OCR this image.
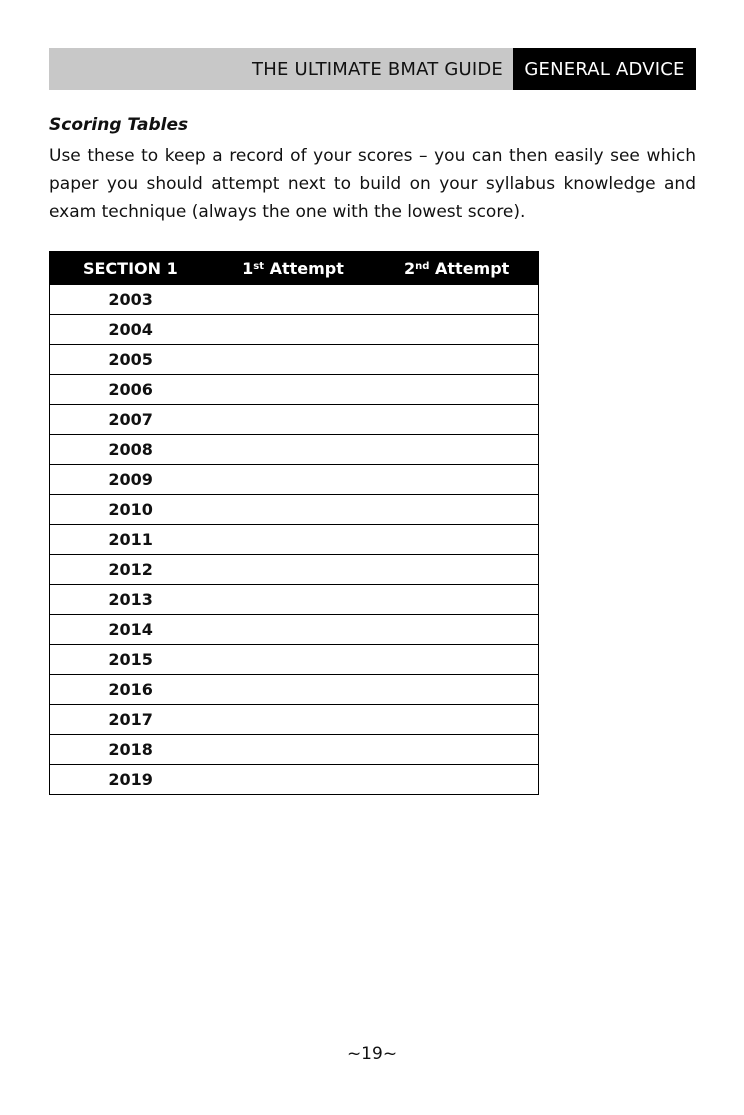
THE ULTIMATE BMAT GUIDE	GENERAL ADVICE

Scoring Tables

Use these to keep a record of your scores – you can then easily see which paper you should attempt next to build on your syllabus knowledge and exam technique (always the one with the lowest score).

SECTION 1	1st Attempt	2nd Attempt
2003		
2004		
2005		
2006		
2007		
2008		
2009		
2010		
2011		
2012		
2013		
2014		
2015		
2016		
2017		
2018		
2019		
~19~
